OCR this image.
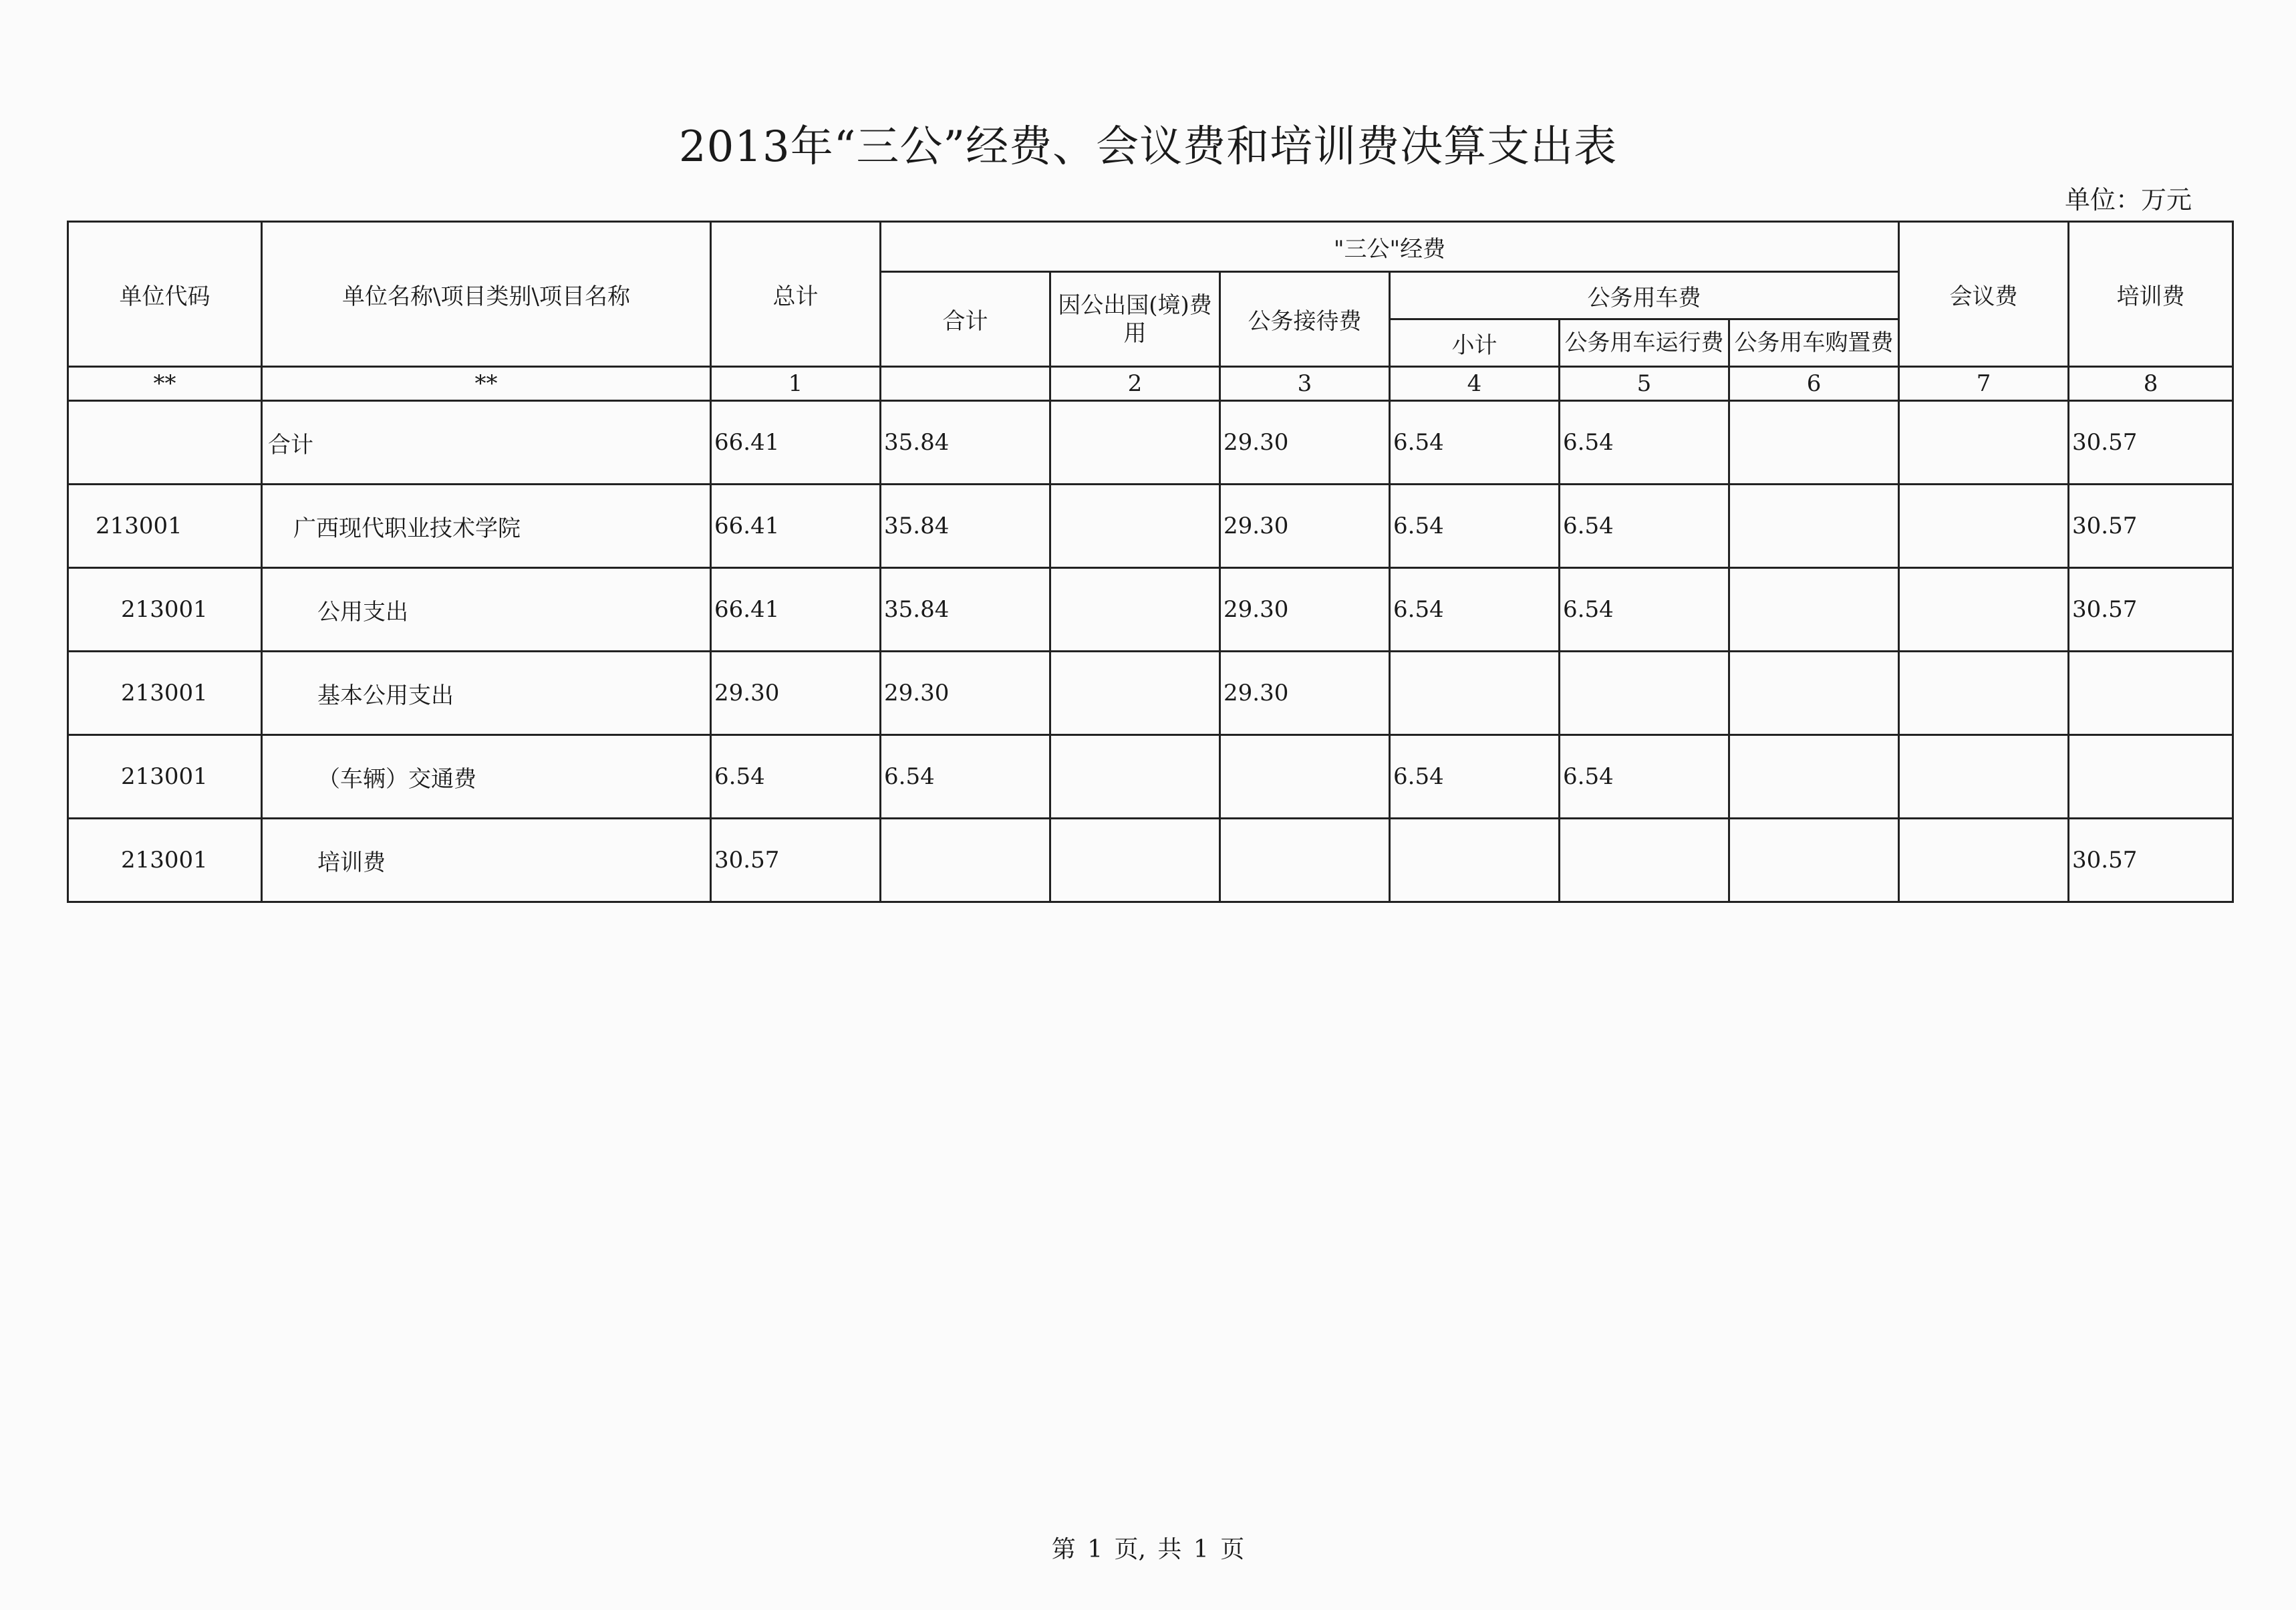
2013年“三公”经费、会议费和培训费决算支出表
单位：万元
单位代码	单位名称\项目类别\项目名称	总计	"三公"经费						会议费	培训费
			合计	因公出国(境)费用	公务接待费	公务用车费				
						小计	公务用车运行费	公务用车购置费		
**	**	1		2	3	4	5	6	7	8
	合计	66.41	35.84		29.30	6.54	6.54			30.57
213001	广西现代职业技术学院	66.41	35.84		29.30	6.54	6.54			30.57
213001	公用支出	66.41	35.84		29.30	6.54	6.54			30.57
213001	基本公用支出	29.30	29.30		29.30					
213001	（车辆）交通费	6.54	6.54			6.54	6.54			
213001	培训费	30.57								30.57
第 1 页, 共 1 页
